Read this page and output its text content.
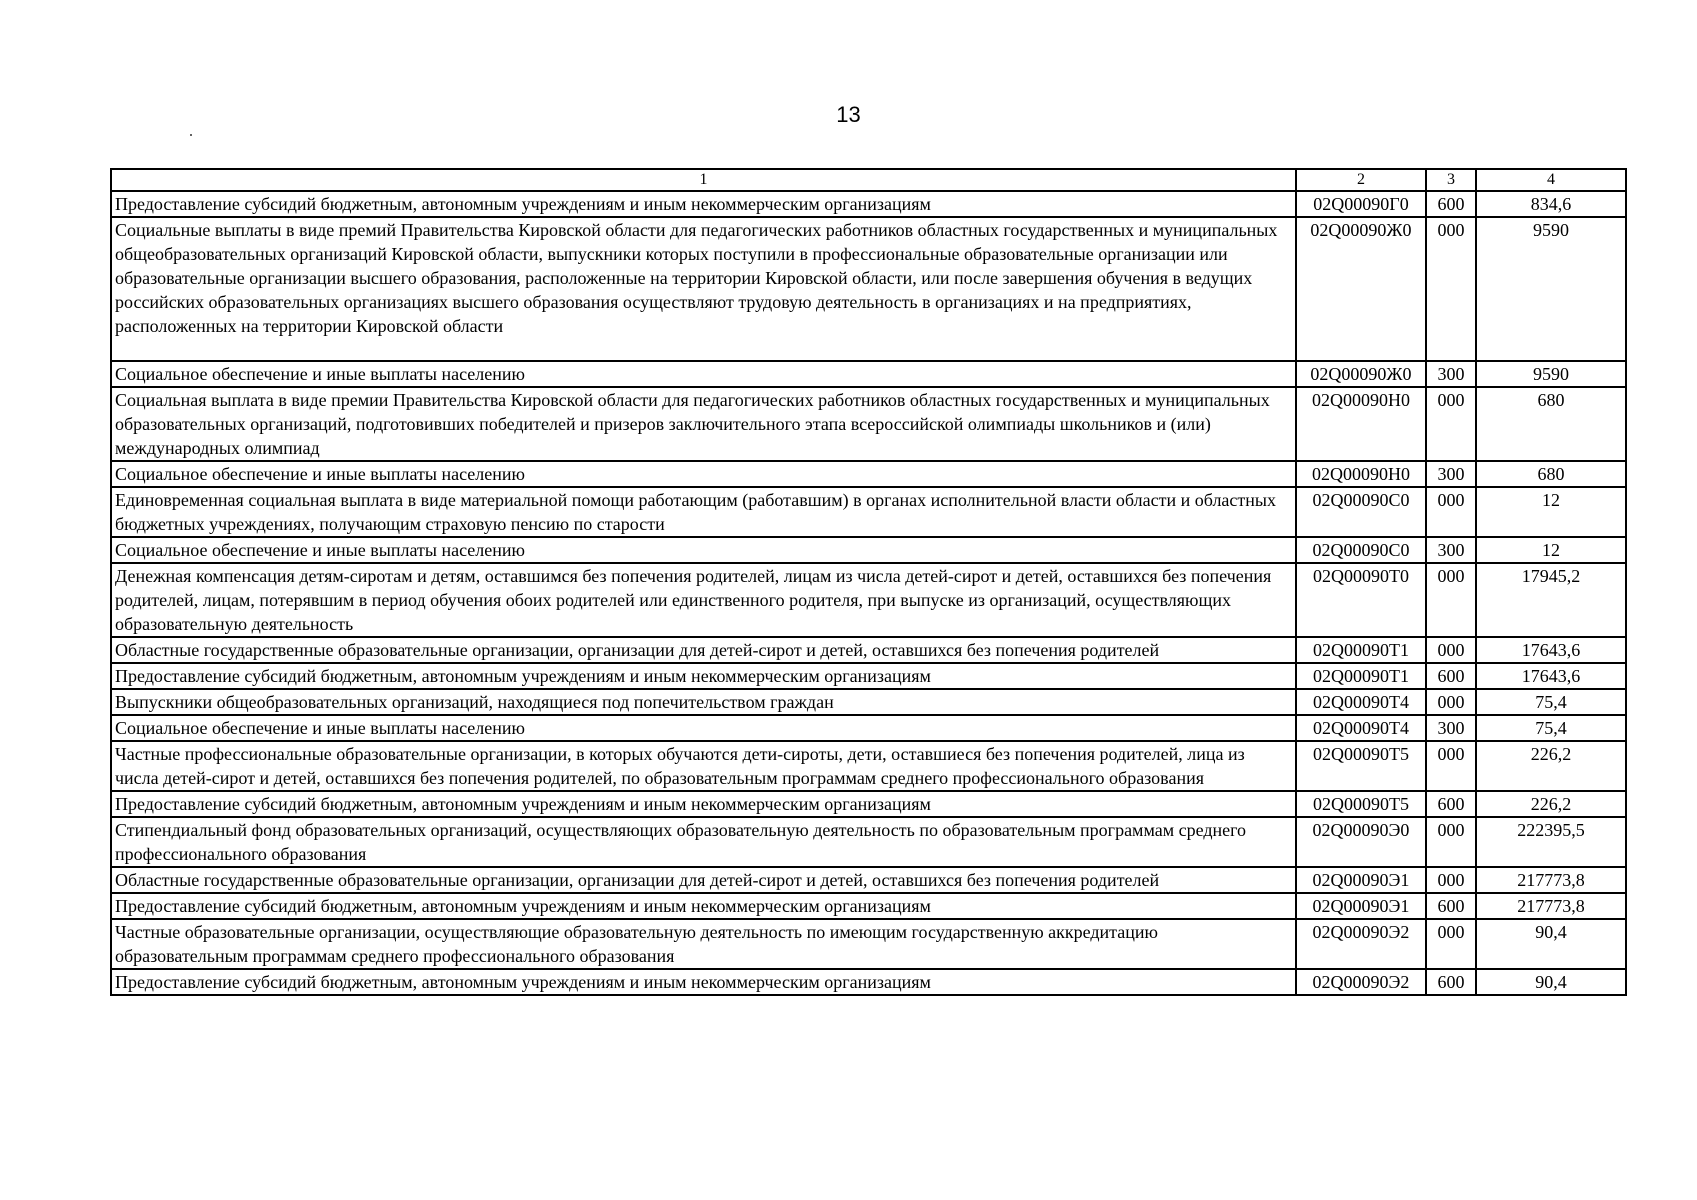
13
1	2	3	4
Предоставление субсидий бюджетным, автономным учреждениям и иным некоммерческим организациям	02Q00090Г0	600	834,6
Социальные выплаты в виде премий Правительства Кировской области для педагогических работников областных государственных и муниципальных общеобразовательных организаций Кировской области, выпускники которых поступили в профессиональные образовательные организации или образовательные организации высшего образования, расположенные на территории Кировской области, или после завершения обучения в ведущих российских образовательных организациях высшего образования осуществляют трудовую деятельность в организациях и на предприятиях, расположенных на территории Кировской области	02Q00090Ж0	000	9590
Социальное обеспечение и иные выплаты населению	02Q00090Ж0	300	9590
Социальная выплата в виде премии Правительства Кировской области для педагогических работников областных государственных и муниципальных образовательных организаций, подготовивших победителей и призеров заключительного этапа всероссийской олимпиады школьников и (или) международных олимпиад	02Q00090Н0	000	680
Социальное обеспечение и иные выплаты населению	02Q00090Н0	300	680
Единовременная социальная выплата в виде материальной помощи работающим (работавшим) в органах исполнительной власти области и областных бюджетных учреждениях, получающим страховую пенсию по старости	02Q00090С0	000	12
Социальное обеспечение и иные выплаты населению	02Q00090С0	300	12
Денежная компенсация детям-сиротам и детям, оставшимся без попечения родителей, лицам из числа детей-сирот и детей, оставшихся без попечения родителей, лицам, потерявшим в период обучения обоих родителей или единственного родителя, при выпуске из организаций, осуществляющих образовательную деятельность	02Q00090Т0	000	17945,2
Областные государственные образовательные организации, организации для детей-сирот и детей, оставшихся без попечения родителей	02Q00090Т1	000	17643,6
Предоставление субсидий бюджетным, автономным учреждениям и иным некоммерческим организациям	02Q00090Т1	600	17643,6
Выпускники общеобразовательных организаций, находящиеся под попечительством граждан	02Q00090Т4	000	75,4
Социальное обеспечение и иные выплаты населению	02Q00090Т4	300	75,4
Частные профессиональные образовательные организации, в которых обучаются дети-сироты, дети, оставшиеся без попечения родителей, лица из числа детей-сирот и детей, оставшихся без попечения родителей, по образовательным программам среднего профессионального образования	02Q00090Т5	000	226,2
Предоставление субсидий бюджетным, автономным учреждениям и иным некоммерческим организациям	02Q00090Т5	600	226,2
Стипендиальный фонд образовательных организаций, осуществляющих образовательную деятельность по образовательным программам среднего профессионального образования	02Q00090Э0	000	222395,5
Областные государственные образовательные организации, организации для детей-сирот и детей, оставшихся без попечения родителей	02Q00090Э1	000	217773,8
Предоставление субсидий бюджетным, автономным учреждениям и иным некоммерческим организациям	02Q00090Э1	600	217773,8
Частные образовательные организации, осуществляющие образовательную деятельность по имеющим государственную аккредитацию образовательным программам среднего профессионального образования	02Q00090Э2	000	90,4
Предоставление субсидий бюджетным, автономным учреждениям и иным некоммерческим организациям	02Q00090Э2	600	90,4
